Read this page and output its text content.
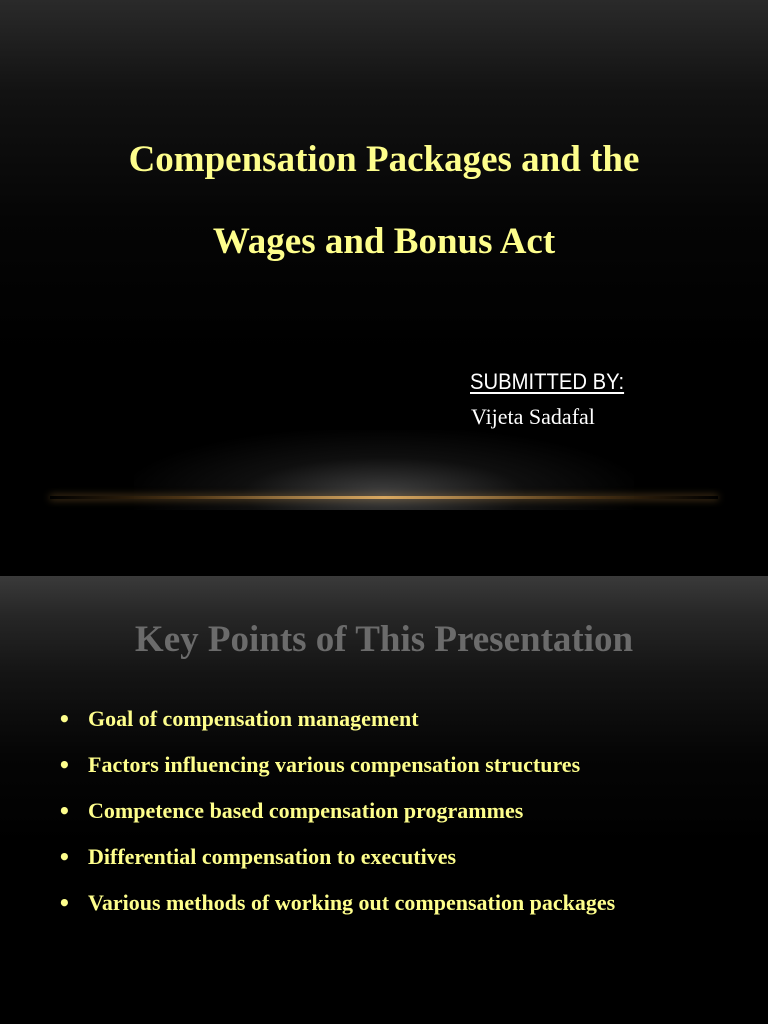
Compensation Packages and the
Wages and Bonus Act
SUBMITTED BY:
Vijeta Sadafal
Key Points of This Presentation
• Goal of compensation management
• Factors influencing various compensation structures
• Competence based compensation programmes
• Differential compensation to executives
• Various methods of working out compensation packages
